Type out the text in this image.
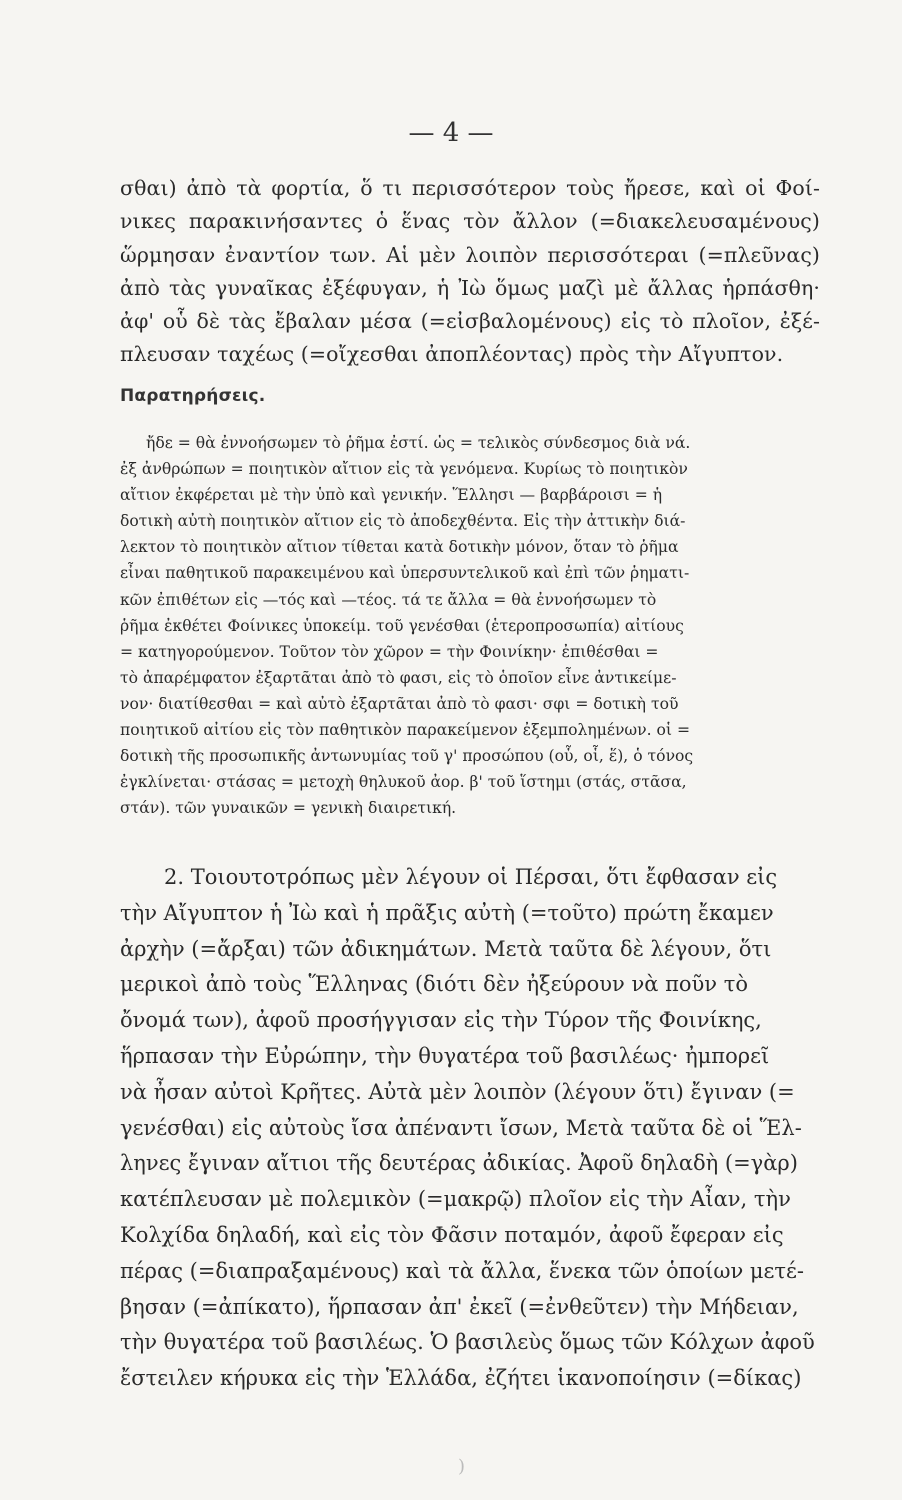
— 4 —
σθαι) ἀπὸ τὰ φορτία, ὅ τι περισσότερον τοὺς ἤρεσε, καὶ οἱ Φοί-
νικες παρακινήσαντες ὁ ἕνας τὸν ἄλλον (=διακελευσαμένους)
ὥρμησαν ἐναντίον των. Αἱ μὲν λοιπὸν περισσότεραι (=πλεῦνας)
ἀπὸ τὰς γυναῖκας ἐξέφυγαν, ἡ Ἰὼ ὅμως μαζὶ μὲ ἄλλας ἡρπάσθη·
ἀφ' οὗ δὲ τὰς ἔβαλαν μέσα (=εἰσβαλομένους) εἰς τὸ πλοῖον, ἐξέ-
πλευσαν ταχέως (=οἴχεσθαι ἀποπλέοντας) πρὸς τὴν Αἴγυπτον.
Παρατηρήσεις.
ἤδε = θὰ ἐννοήσωμεν τὸ ῥῆμα ἐστί. ὡς = τελικὸς σύνδεσμος διὰ νά.
ἐξ ἀνθρώπων = ποιητικὸν αἴτιον εἰς τὰ γενόμενα. Κυρίως τὸ ποιητικὸν
αἴτιον ἐκφέρεται μὲ τὴν ὑπὸ καὶ γενικήν. Ἕλλησι — βαρβάροισι = ἡ
δοτικὴ αὐτὴ ποιητικὸν αἴτιον εἰς τὸ ἀποδεχθέντα. Εἰς τὴν ἀττικὴν διά-
λεκτον τὸ ποιητικὸν αἴτιον τίθεται κατὰ δοτικὴν μόνον, ὅταν τὸ ῥῆμα
εἶναι παθητικοῦ παρακειμένου καὶ ὑπερσυντελικοῦ καὶ ἐπὶ τῶν ῥηματι-
κῶν ἐπιθέτων εἰς —τός καὶ —τέος. τά τε ἄλλα = θὰ ἐννοήσωμεν τὸ
ῥῆμα ἐκθέτει Φοίνικες ὑποκείμ. τοῦ γενέσθαι (ἑτεροπροσωπία) αἰτίους
= κατηγορούμενον. Τοῦτον τὸν χῶρον = τὴν Φοινίκην· ἐπιθέσθαι =
τὸ ἀπαρέμφατον ἐξαρτᾶται ἀπὸ τὸ φασι, εἰς τὸ ὁποῖον εἶνε ἀντικείμε-
νον· διατίθεσθαι = καὶ αὐτὸ ἐξαρτᾶται ἀπὸ τὸ φασι· σφι = δοτικὴ τοῦ
ποιητικοῦ αἰτίου εἰς τὸν παθητικὸν παρακείμενον ἐξεμπολημένων. οἱ =
δοτικὴ τῆς προσωπικῆς ἀντωνυμίας τοῦ γ' προσώπου (οὗ, οἷ, ἕ), ὁ τόνος
ἐγκλίνεται· στάσας = μετοχὴ θηλυκοῦ ἀορ. β' τοῦ ἵστημι (στάς, στᾶσα,
στάν). τῶν γυναικῶν = γενικὴ διαιρετική.
2. Τοιουτοτρόπως μὲν λέγουν οἱ Πέρσαι, ὅτι ἔφθασαν εἰς
τὴν Αἴγυπτον ἡ Ἰὼ καὶ ἡ πρᾶξις αὐτὴ (=τοῦτο) πρώτη ἔκαμεν
ἀρχὴν (=ἄρξαι) τῶν ἀδικημάτων. Μετὰ ταῦτα δὲ λέγουν, ὅτι
μερικοὶ ἀπὸ τοὺς Ἕλληνας (διότι δὲν ἠξεύρουν νὰ ποῦν τὸ
ὄνομά των), ἀφοῦ προσήγγισαν εἰς τὴν Τύρον τῆς Φοινίκης,
ἥρπασαν τὴν Εὐρώπην, τὴν θυγατέρα τοῦ βασιλέως· ἠμπορεῖ
νὰ ἦσαν αὐτοὶ Κρῆτες. Αὐτὰ μὲν λοιπὸν (λέγουν ὅτι) ἔγιναν (=
γενέσθαι) εἰς αὐτοὺς ἴσα ἀπέναντι ἴσων, Μετὰ ταῦτα δὲ οἱ Ἕλ-
ληνες ἔγιναν αἴτιοι τῆς δευτέρας ἀδικίας. Ἀφοῦ δηλαδὴ (=γὰρ)
κατέπλευσαν μὲ πολεμικὸν (=μακρῷ) πλοῖον εἰς τὴν Αἶαν, τὴν
Κολχίδα δηλαδή, καὶ εἰς τὸν Φᾶσιν ποταμόν, ἀφοῦ ἔφεραν εἰς
πέρας (=διαπραξαμένους) καὶ τὰ ἄλλα, ἕνεκα τῶν ὁποίων μετέ-
βησαν (=ἀπίκατο), ἥρπασαν ἀπ' ἐκεῖ (=ἐνθεῦτεν) τὴν Μήδειαν,
τὴν θυγατέρα τοῦ βασιλέως. Ὁ βασιλεὺς ὅμως τῶν Κόλχων ἀφοῦ
ἔστειλεν κήρυκα εἰς τὴν Ἑλλάδα, ἐζήτει ἱκανοποίησιν (=δίκας)
)
